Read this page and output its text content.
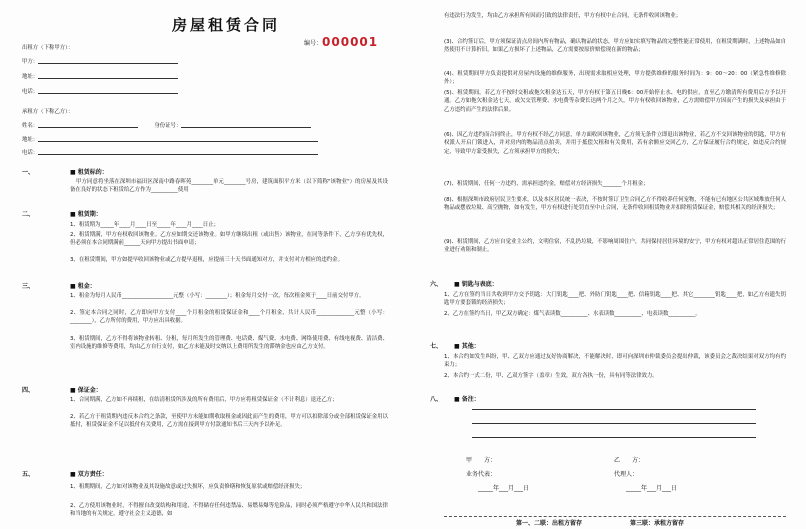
房屋租赁合同
编号：000001
出租方（下称甲方）：
甲方：
地址：
电话：
承租方（下称乙方）：
姓名：　　　	身份证号：
地址：
电话：
一、	■ 租赁标的：
甲方同意将坐落在深圳市福田区深南中路春晖苑________单元________号房，建筑面积平方米（以下简称"该物业"）的房屋及其设备在良好的状态下租赁给乙方作为__________使用
二、	■ 租赁期：
1、租赁期为_____年____月____日至_____年____月____日止；
2、租赁期满，甲方有权收回该物业。乙方应如期交还该物业。如甲方继续出租（或出售）该物业，在同等条件下，乙方享有优先权，但必须在本合同期满前______天向甲方提出书面申请；
3、在租赁期间，甲方如提早收回该物业或乙方提早退租，应提前三十天书面通知对方，并支付对方相应的违约金。
三、	■ 租金：
1、租金为每月人民币___________________元整（小写：________）；租金每月交付一次，每次租金须于____日前交付甲方。
2、签定本合同之同时，乙方即向甲方支付____个月租金的租赁保证金和____个月租金，共计人民币______________元整（小写：________），乙方所付的费用，甲方应出具收据。
3、租赁期间，乙方不得将该物业转租、分租，每月所发生的管理费、电话费、煤气费、水电费、网络使用费、有线电视费、清洁费、室内设施的维修等费用，均由乙方自行支付，如乙方未能及时交纳以上费用所发生的滞纳金也应由乙方支付。
四、	■ 保证金：
1、合同期满，乙方如不再续租，在结清租赁所涉及的所有费用后，甲方应将租赁保证金（不计利息）退还乙方；
2、若乙方于租赁期内违反本合约之条款，至使甲方未能如期收取租金或因此而产生的费用，甲方可以扣除部分或全部租赁保证金用以抵付，租赁保证金不足以抵付有关费用，乙方需在接到甲方付款通知书后三天内予以补足。
五、	■ 双方责任：
1、租期期间，乙方如对该物业及其设施故意或过失损坏，应负责修缮和恢复原状或赔偿经济损失；
2、乙方使用该物业时，不得擅自改变结构和用途，不得储存任何违禁品、易燃易爆等危险品，同时必须严格遵守中华人民共和国法律和当地的有关规定，遵守社会主义道德，如
有违法行为发生，均由乙方承担所有因而引致的法律责任，甲方有权中止合同，无条件收回该物业；
(3)、合约签订后，甲方须保证清点房间内所有物品，确认物品的状态，甲方应如实填写物品的完整性能正常使用，在租赁期满时，上述物品如自然使用不计算折旧，如果乙方损坏了上述物品，乙方需要按原价赔偿现在新的物品；
(4)、租赁期间甲方负责提供对房屋内设施的维修服务，出现需求取相应处理，甲方提供维修的服务时间为：9：00～20：00（紧急性维修除外）；
(5)、租赁期间，若乙方不按时交租或拖欠租金达五天，甲方有权于第五日晚6：00开始停止水、电的供应，直至乙方缴清所有费用后方予以开通。乙方如拖欠租金达七天，或欠交管理费、水电费等杂费长达两个月之久，甲方有权收回该物业，乙方需赔偿甲方因而产生的损失及承担由于乙方违约而产生的法律后果。
(6)、因乙方违约而合同终止，甲方有权不经乙方同意，单方面收回该物业，乙方须无条件立即退出该物业，若乙方不交回该物业的钥匙，甲方有权派人开启门锁进入，并对房内的物品清点拍卖，并用于抵偿欠租和有关费用，若有余额应交回乙方，乙方保证履行合约规定，如违反合约规定，导致甲方蒙受损失，乙方须承担甲方的损失；
(7)、租赁期间，任何一方违约，需承担违约金，赔偿对方经济损失_______个月租金；
(8)、根据深圳市政府居民卫生要求，以及本区居民统一表决，不按时签订卫生合同乙方不得收养任何宠物，不能有已有地区公共区域堆放任何人物品或摆放垃圾、高空抛物，如有发生，甲方有权进行处罚直至中止合同，无条件收回租赁物业并扣除租赁保证金，赔偿其相关的经济损失；
(9)、租赁期间，乙方应自觉业主公约，文明住宿，不乱扔垃圾，不影响周围住户，共同保持居住环境的安宁，甲方有权对超出正常居住范围的行业进行劝阻和制止。
六、 ■ 钥匙与表底：
1、乙方在签约当日共收到甲方交予钥匙：大门钥匙____把、外防门钥匙____把、信箱钥匙____把、其它________钥匙____把，如乙方有遗失钥匙甲方要套锁的经济损失；
2、乙方在签约当日，甲乙双方确定：煤气表读数__________、水表读数__________、电表读数__________。
七、 ■ 其他：
1、本合约如发生纠纷，甲、乙双方应通过友好协商解决，不能解决时，即可向深圳市仲裁委员会提出仲裁，该委员会之裁决结果对双方均有约束力；
2、本合约一式二份，甲、乙双方签字（盖章）生效，双方各执一份，具有同等法律效力。
八、 ■ 备注：
甲　　方：	乙　　方：
业务代表：	代理人：
_____年___月___日	_____年___月___日
第一、二联：出租方留存	第三联：承租方留存
